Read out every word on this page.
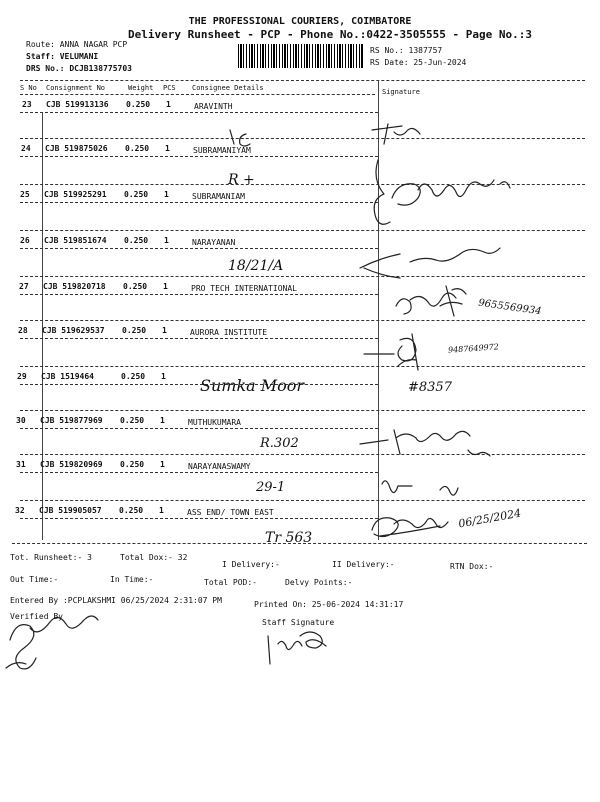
THE PROFESSIONAL COURIERS, COIMBATORE
Delivery Runsheet - PCP - Phone No.:0422-3505555 - Page No.:3
Route: ANNA NAGAR PCP
Staff: VELUMANI
DRS No.: DCJB138775703
RS No.: 1387757
RS Date: 25-Jun-2024
S No Consignment No	Weight PCS Consignee Details	Signature
23 CJB 519913136 0.250 1	ARAVINTH
24 CJB 519875026 0.250 1	SUBRAMANIYAM
25 CJB 519925291 0.250 1	SUBRAMANIAM
26 CJB 519851674 0.250 1	NARAYANAN
27 CJB 519820718 0.250 1	PRO TECH INTERNATIONAL
28 CJB 519629537 0.250 1	AURORA INSTITUTE
29 CJB 1519464	0.250 1
30 CJB 519877969 0.250 1	MUTHUKUMARA
31 CJB 519820969 0.250 1	NARAYANASWAMY
32 CJB 519905057 0.250 1	ASS END/ TOWN EAST
R +
18/21/A
9655569934
9487649972
Sumka Moor	#8357
R.302
29-1
Tr 563
06/25/2024
Tot. Runsheet:- 3	Total Dox:- 32
I Delivery:-	II Delivery:-	RTN Dox:-
Out Time:-	In Time:-	Total POD:-	Delvy Points:-
Entered By :PCPLAKSHMI 06/25/2024 2:31:07 PM	Printed On: 25-06-2024 14:31:17
Verified By
Staff Signature
